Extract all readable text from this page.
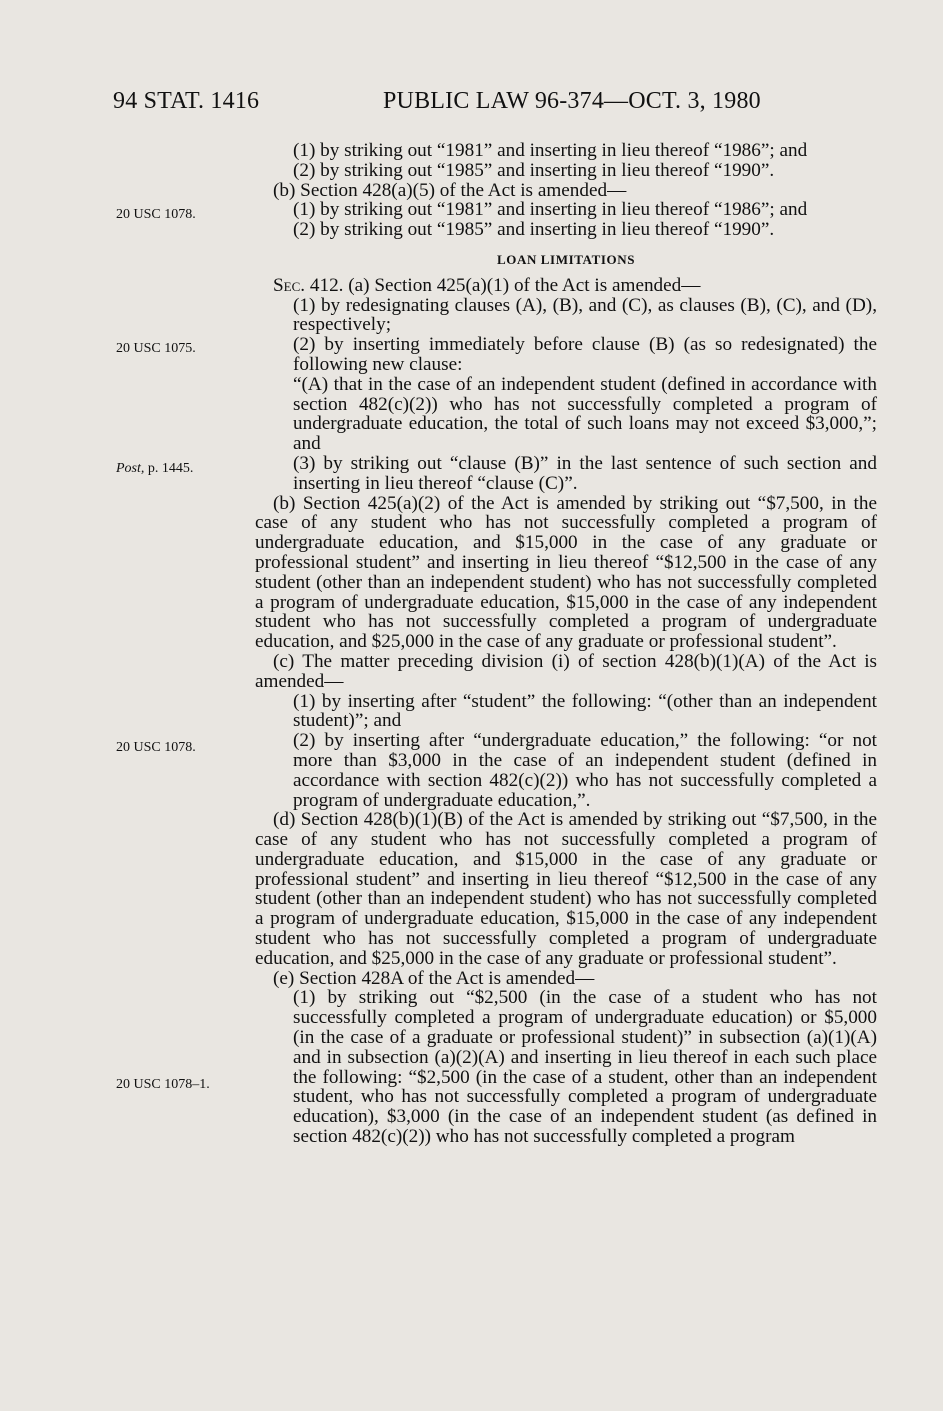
94 STAT. 1416	PUBLIC LAW 96-374—OCT. 3, 1980
20 USC 1078.
20 USC 1075.
Post, p. 1445.
20 USC 1078.
20 USC 1078–1.

(1) by striking out “1981” and inserting in lieu thereof “1986”; and

(2) by striking out “1985” and inserting in lieu thereof “1990”.

(b) Section 428(a)(5) of the Act is amended—

(1) by striking out “1981” and inserting in lieu thereof “1986”; and

(2) by striking out “1985” and inserting in lieu thereof “1990”.

LOAN LIMITATIONS

Sec. 412. (a) Section 425(a)(1) of the Act is amended—

(1) by redesignating clauses (A), (B), and (C), as clauses (B), (C), and (D), respectively;

(2) by inserting immediately before clause (B) (as so redesignated) the following new clause:

“(A) that in the case of an independent student (defined in accordance with section 482(c)(2)) who has not successfully completed a program of undergraduate education, the total of such loans may not exceed $3,000,”; and

(3) by striking out “clause (B)” in the last sentence of such section and inserting in lieu thereof “clause (C)”.

(b) Section 425(a)(2) of the Act is amended by striking out “$7,500, in the case of any student who has not successfully completed a program of undergraduate education, and $15,000 in the case of any graduate or professional student” and inserting in lieu thereof “$12,500 in the case of any student (other than an independent student) who has not successfully completed a program of undergraduate education, $15,000 in the case of any independent student who has not successfully completed a program of undergraduate education, and $25,000 in the case of any graduate or professional student”.

(c) The matter preceding division (i) of section 428(b)(1)(A) of the Act is amended—

(1) by inserting after “student” the following: “(other than an independent student)”; and

(2) by inserting after “undergraduate education,” the following: “or not more than $3,000 in the case of an independent student (defined in accordance with section 482(c)(2)) who has not successfully completed a program of undergraduate education,”.

(d) Section 428(b)(1)(B) of the Act is amended by striking out “$7,500, in the case of any student who has not successfully completed a program of undergraduate education, and $15,000 in the case of any graduate or professional student” and inserting in lieu thereof “$12,500 in the case of any student (other than an independent student) who has not successfully completed a program of undergraduate education, $15,000 in the case of any independent student who has not successfully completed a program of undergraduate education, and $25,000 in the case of any graduate or professional student”.

(e) Section 428A of the Act is amended—

(1) by striking out “$2,500 (in the case of a student who has not successfully completed a program of undergraduate education) or $5,000 (in the case of a graduate or professional student)” in subsection (a)(1)(A) and in subsection (a)(2)(A) and inserting in lieu thereof in each such place the following: “$2,500 (in the case of a student, other than an independent student, who has not successfully completed a program of undergraduate education), $3,000 (in the case of an independent student (as defined in section 482(c)(2)) who has not successfully completed a program
